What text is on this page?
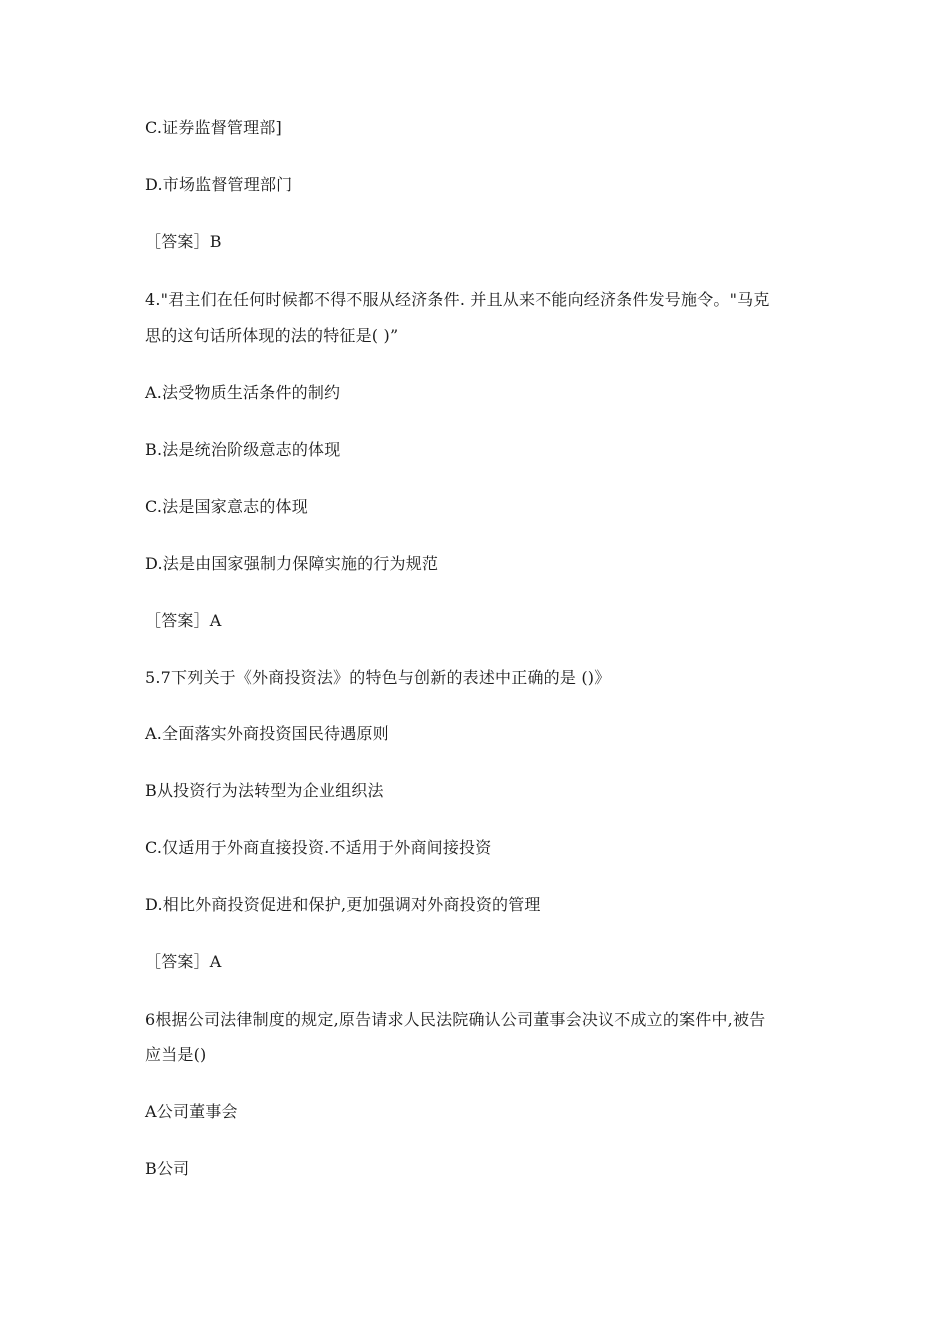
C.证券监督管理部]
D.市场监督管理部门
［答案］B
4."君主们在任何时候都不得不服从经济条件. 并且从来不能向经济条件发号施令。"马克
思的这句话所体现的法的特征是( )”
A.法受物质生活条件的制约
B.法是统治阶级意志的体现
C.法是国家意志的体现
D.法是由国家强制力保障实施的行为规范
［答案］A
5.7下列关于《外商投资法》的特色与创新的表述中正确的是 ()》
A.全面落实外商投资国民待遇原则
B从投资行为法转型为企业组织法
C.仅适用于外商直接投资.不适用于外商间接投资
D.相比外商投资促进和保护,更加强调对外商投资的管理
［答案］A
6根据公司法律制度的规定,原告请求人民法院确认公司董事会决议不成立的案件中,被告
应当是()
A公司董事会
B公司
